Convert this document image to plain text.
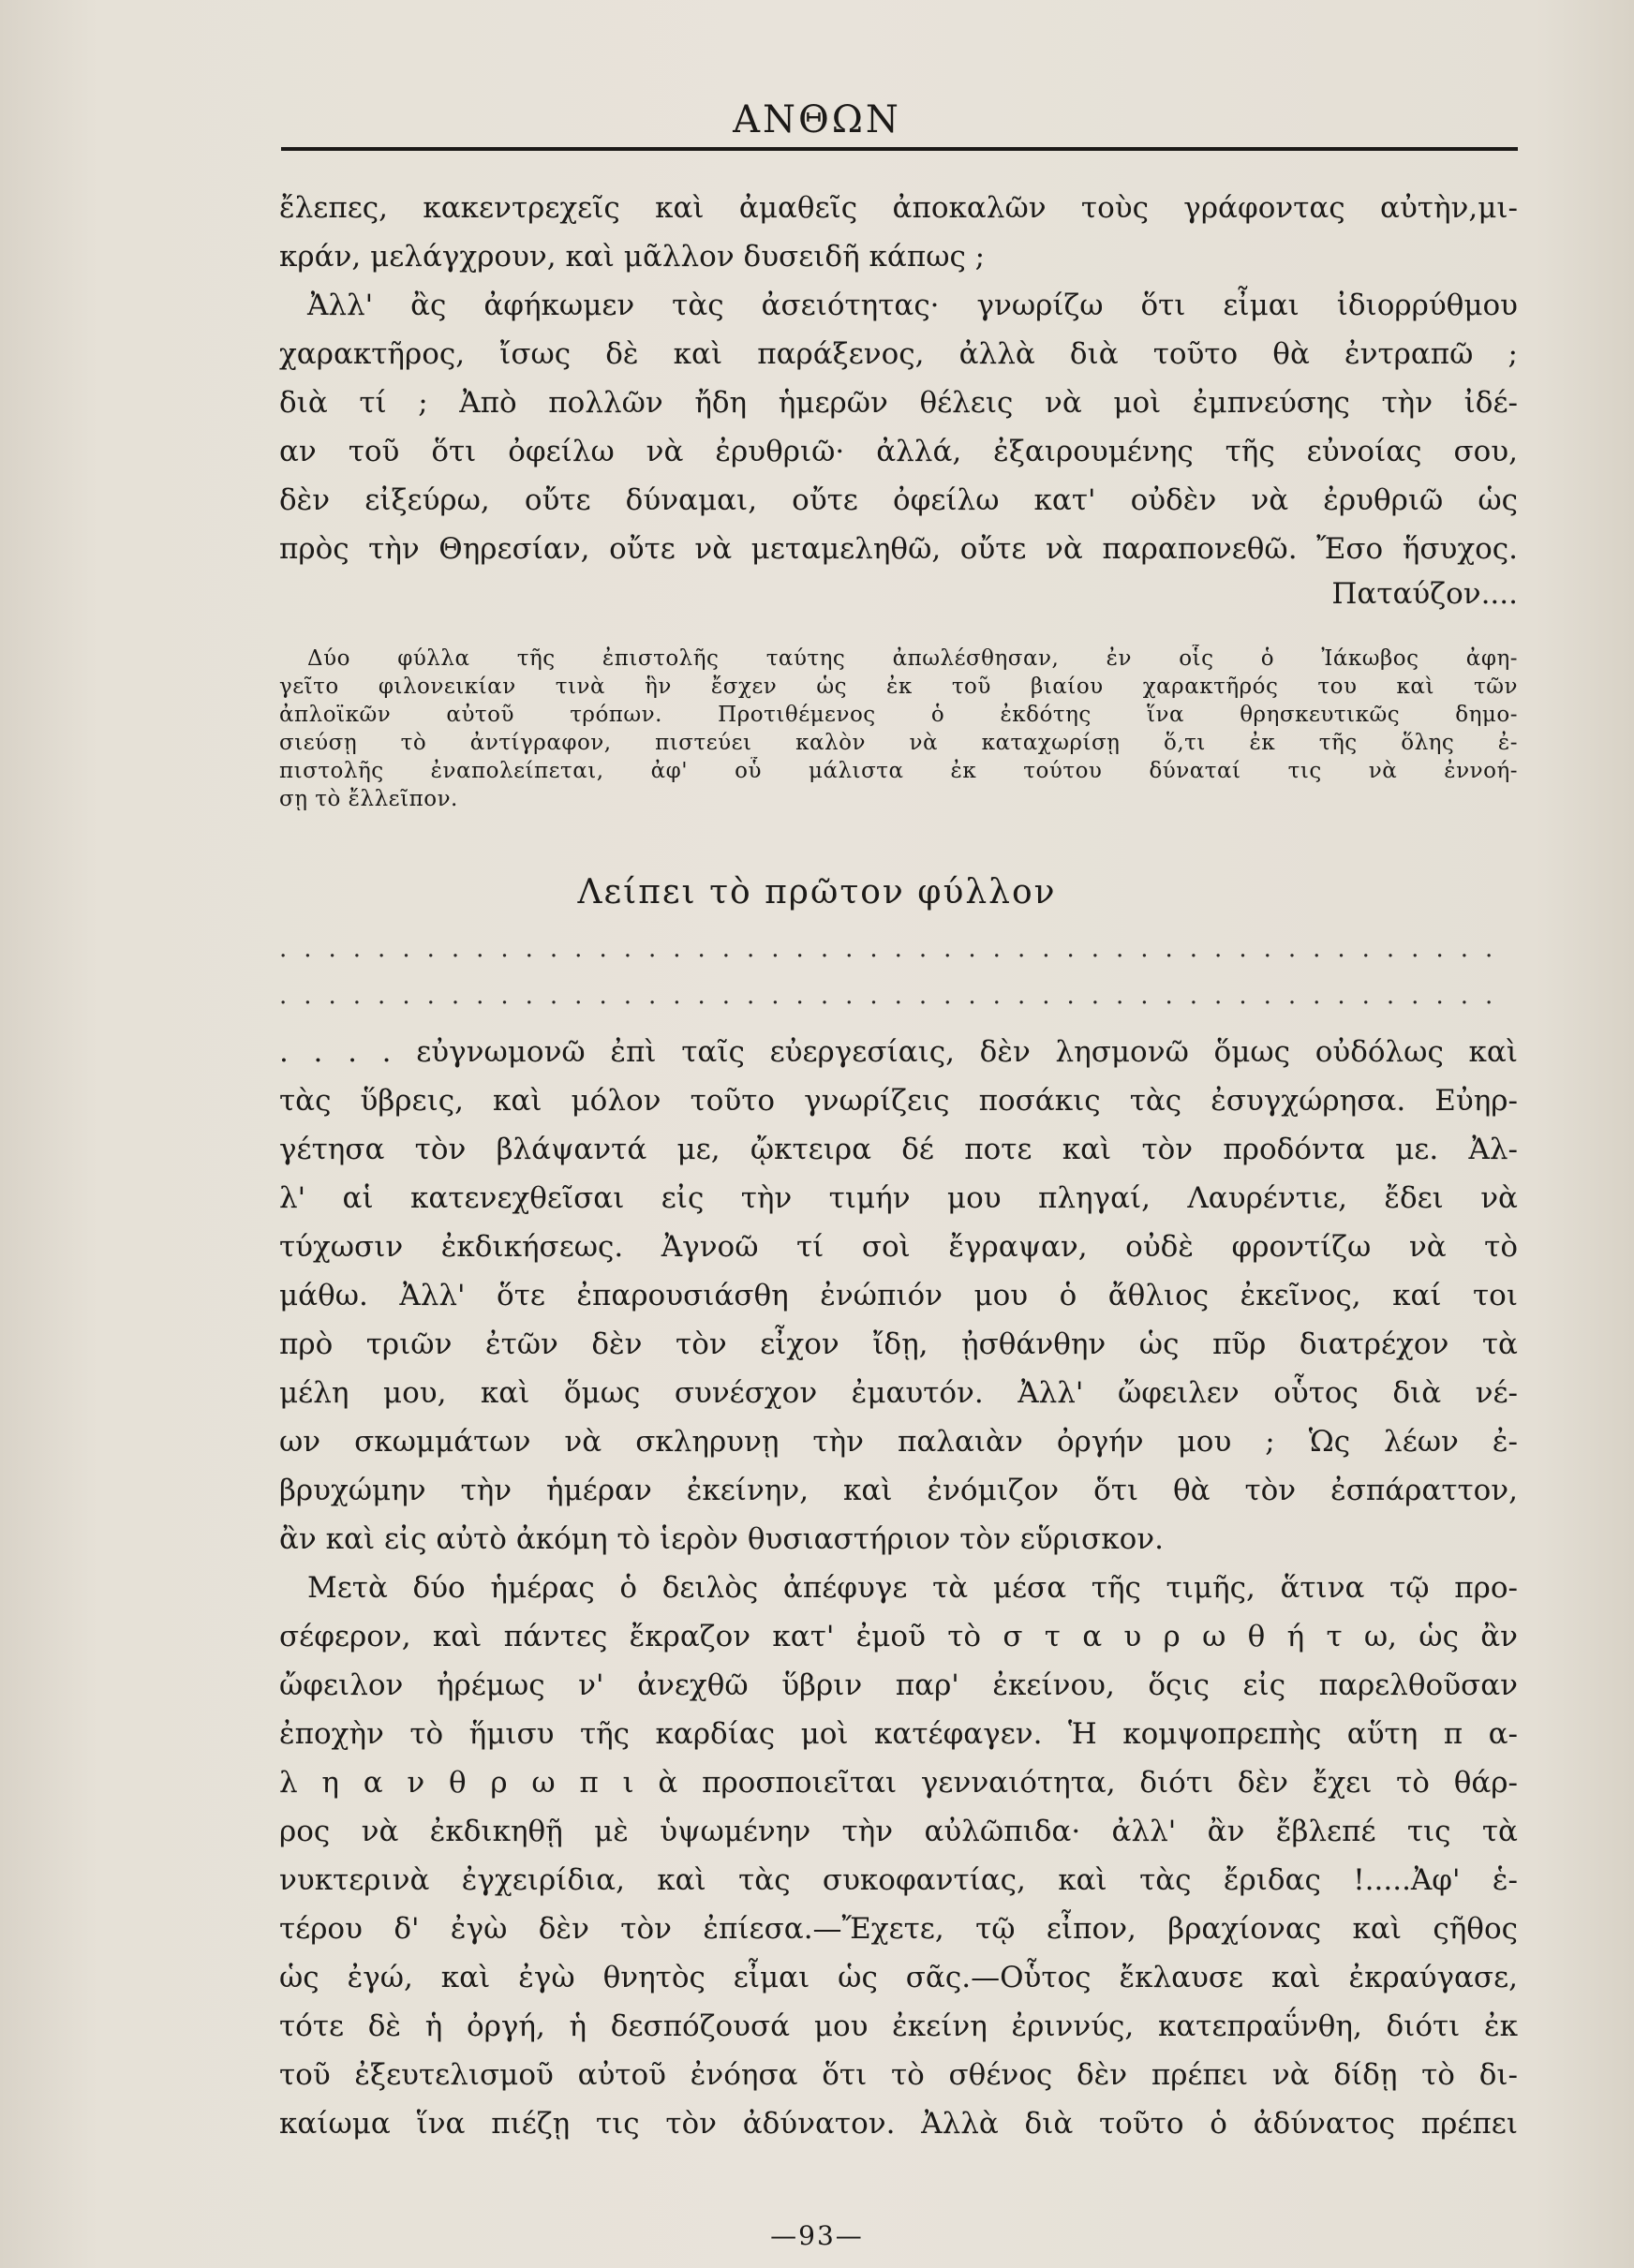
ΑΝΘΩΝ
ἔλεπες, κακεντρεχεῖς καὶ ἀμαθεῖς ἀποκαλῶν τοὺς γράφοντας αὐτὴν,μι-
κράν, μελάγχρουν, καὶ μᾶλλον δυσειδῆ κάπως ;
Ἀλλ' ἂς ἀφήκωμεν τὰς ἀσειότητας· γνωρίζω ὅτι εἶμαι ἰδιορρύθμου
χαρακτῆρος, ἴσως δὲ καὶ παράξενος, ἀλλὰ διὰ τοῦτο θὰ ἐντραπῶ ;
διὰ τί ; Ἀπὸ πολλῶν ἤδη ἡμερῶν θέλεις νὰ μοὶ ἐμπνεύσης τὴν ἰδέ-
αν τοῦ ὅτι ὀφείλω νὰ ἐρυθριῶ· ἀλλά, ἐξαιρουμένης τῆς εὐνοίας σου,
δὲν εἰξεύρω, οὔτε δύναμαι, οὔτε ὀφείλω κατ' οὐδὲν νὰ ἐρυθριῶ ὡς
πρὸς τὴν Θηρεσίαν, οὔτε νὰ μεταμεληθῶ, οὔτε νὰ παραπονεθῶ. Ἔσο ἥσυχος.
Παταύζον....
Δύο φύλλα τῆς ἐπιστολῆς ταύτης ἀπωλέσθησαν, ἐν οἷς ὁ Ἰάκωβος ἀφη-
γεῖτο φιλονεικίαν τινὰ ἣν ἔσχεν ὡς ἐκ τοῦ βιαίου χαρακτῆρός του καὶ τῶν
ἀπλοϊκῶν αὐτοῦ τρόπων. Προτιθέμενος ὁ ἐκδότης ἵνα θρησκευτικῶς δημο-
σιεύσῃ τὸ ἀντίγραφον, πιστεύει καλὸν νὰ καταχωρίσῃ ὅ,τι ἐκ τῆς ὅλης ἐ-
πιστολῆς ἐναπολείπεται, ἀφ' οὗ μάλιστα ἐκ τούτου δύναταί τις νὰ ἐννοή-
σῃ τὸ ἔλλεῖπον.
Λείπει τὸ πρῶτον φύλλον
..................................................
..................................................
. . . . εὐγνωμονῶ ἐπὶ ταῖς εὐεργεσίαις, δὲν λησμονῶ ὅμως οὐδόλως καὶ
τὰς ὕβρεις, καὶ μόλον τοῦτο γνωρίζεις ποσάκις τὰς ἐσυγχώρησα. Εὐηρ-
γέτησα τὸν βλάψαντά με, ᾤκτειρα δέ ποτε καὶ τὸν προδόντα με. Ἀλ-
λ' αἱ κατενεχθεῖσαι εἰς τὴν τιμήν μου πληγαί, Λαυρέντιε, ἔδει νὰ
τύχωσιν ἐκδικήσεως. Ἀγνοῶ τί σοὶ ἔγραψαν, οὐδὲ φροντίζω νὰ τὸ
μάθω. Ἀλλ' ὅτε ἐπαρουσιάσθη ἐνώπιόν μου ὁ ἄθλιος ἐκεῖνος, καί τοι
πρὸ τριῶν ἐτῶν δὲν τὸν εἶχον ἴδῃ, ᾐσθάνθην ὡς πῦρ διατρέχον τὰ
μέλη μου, καὶ ὅμως συνέσχον ἐμαυτόν. Ἀλλ' ὤφειλεν οὗτος διὰ νέ-
ων σκωμμάτων νὰ σκληρυνῃ τὴν παλαιὰν ὀργήν μου ; Ὡς λέων ἐ-
βρυχώμην τὴν ἡμέραν ἐκείνην, καὶ ἐνόμιζον ὅτι θὰ τὸν ἐσπάραττον,
ἂν καὶ εἰς αὐτὸ ἀκόμη τὸ ἱερὸν θυσιαστήριον τὸν εὕρισκον.
Μετὰ δύο ἡμέρας ὁ δειλὸς ἀπέφυγε τὰ μέσα τῆς τιμῆς, ἅτινα τῷ προ-
σέφερον, καὶ πάντες ἔκραζον κατ' ἐμοῦ τὸ σ τ α υ ρ ω θ ή τ ω, ὡς ἂν
ὤφειλον ἠρέμως ν' ἀνεχθῶ ὕβριν παρ' ἐκείνου, ὅςις εἰς παρελθοῦσαν
ἐποχὴν τὸ ἥμισυ τῆς καρδίας μοὶ κατέφαγεν. Ἡ κομψοπρεπὴς αὕτη π α-
λ η α ν θ ρ ω π ι ὰ προσποιεῖται γενναιότητα, διότι δὲν ἔχει τὸ θάρ-
ρος νὰ ἐκδικηθῇ μὲ ὑψωμένην τὴν αὐλῶπιδα· ἀλλ' ἂν ἔβλεπέ τις τὰ
νυκτερινὰ ἐγχειρίδια, καὶ τὰς συκοφαντίας, καὶ τὰς ἔριδας !.....Ἀφ' ἑ-
τέρου δ' ἐγὼ δὲν τὸν ἐπίεσα.—Ἔχετε, τῷ εἶπον, βραχίονας καὶ ςῆθος
ὡς ἐγώ, καὶ ἐγὼ θνητὸς εἶμαι ὡς σᾶς.—Οὗτος ἔκλαυσε καὶ ἐκραύγασε,
τότε δὲ ἡ ὀργή, ἡ δεσπόζουσά μου ἐκείνη ἐριννύς, κατεπραΰνθη, διότι ἐκ
τοῦ ἐξευτελισμοῦ αὐτοῦ ἐνόησα ὅτι τὸ σθένος δὲν πρέπει νὰ δίδῃ τὸ δι-
καίωμα ἵνα πιέζῃ τις τὸν ἀδύνατον. Ἀλλὰ διὰ τοῦτο ὁ ἀδύνατος πρέπει
—93—
